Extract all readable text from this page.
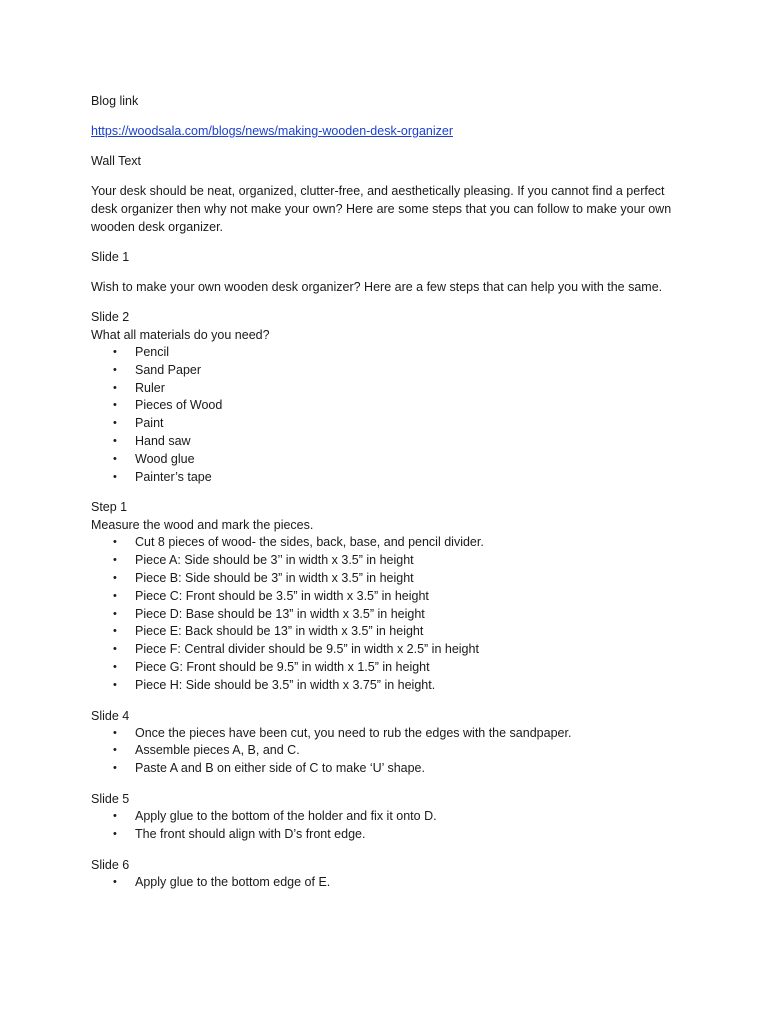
Blog link

https://woodsala.com/blogs/news/making-wooden-desk-organizer

Wall Text

Your desk should be neat, organized, clutter-free, and aesthetically pleasing. If you cannot find a perfect desk organizer then why not make your own? Here are some steps that you can follow to make your own wooden desk organizer.

Slide 1

Wish to make your own wooden desk organizer? Here are a few steps that can help you with the same.

Slide 2

What all materials do you need?

• Pencil
• Sand Paper
• Ruler
• Pieces of Wood
• Paint
• Hand saw
• Wood glue
• Painter’s tape

Step 1

Measure the wood and mark the pieces.

• Cut 8 pieces of wood- the sides, back, base, and pencil divider.
• Piece A: Side should be 3’’ in width x 3.5” in height
• Piece B: Side should be 3” in width x 3.5” in height
• Piece C: Front should be 3.5” in width x 3.5” in height
• Piece D: Base should be 13” in width x 3.5” in height
• Piece E: Back should be 13” in width x 3.5” in height
• Piece F: Central divider should be 9.5” in width x 2.5” in height
• Piece G: Front should be 9.5” in width x 1.5” in height
• Piece H: Side should be 3.5” in width x 3.75” in height.

Slide 4

• Once the pieces have been cut, you need to rub the edges with the sandpaper.
• Assemble pieces A, B, and C.
• Paste A and B on either side of C to make ‘U’ shape.

Slide 5

• Apply glue to the bottom of the holder and fix it onto D.
• The front should align with D’s front edge.

Slide 6

• Apply glue to the bottom edge of E.
